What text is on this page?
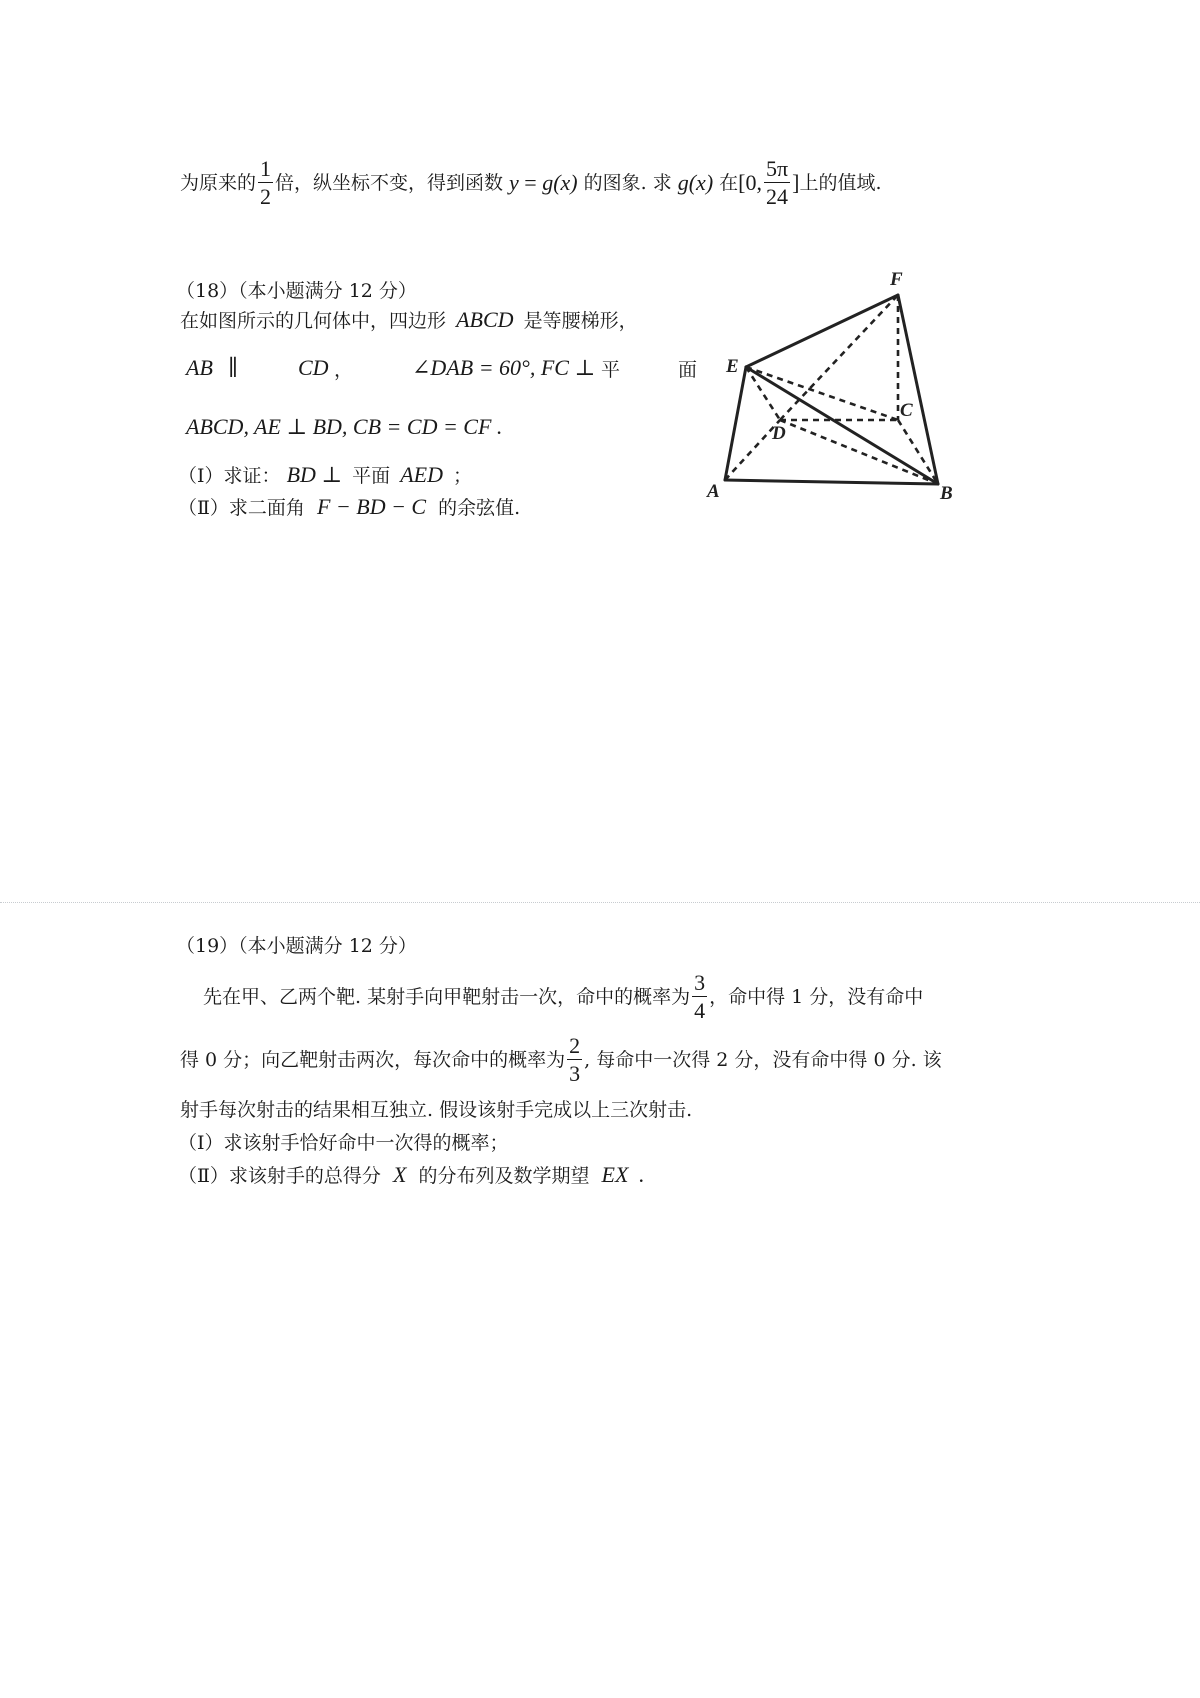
为原来的 $\frac{1}{2}$ 倍，纵坐标不变，得到函数 y = g(x) 的图象. 求 g(x) 在 [0, $\frac{5\pi}{24}$ ] 上的值域.
（18）（本小题满分 12 分）
在如图所示的几何体中，四边形 ABCD 是等腰梯形，
AB ∥	CD ，	∠DAB = 60°, FC ⊥ 平	面
ABCD, AE ⊥ BD, CB = CD = CF .
（Ⅰ）求证： BD ⊥ 平面 AED ；
（Ⅱ）求二面角 F − BD − C 的余弦值.
F
E
C
D
A	B
（19）（本小题满分 12 分）
先在甲、乙两个靶. 某射手向甲靶射击一次，命中的概率为 $\frac{3}{4}$ ，命中得 1 分，没有命中
得 0 分；向乙靶射击两次，每次命中的概率为 $\frac{2}{3}$ , 每命中一次得 2 分，没有命中得 0 分. 该
射手每次射击的结果相互独立. 假设该射手完成以上三次射击.
（Ⅰ）求该射手恰好命中一次得的概率；
（Ⅱ）求该射手的总得分 X 的分布列及数学期望 EX .
